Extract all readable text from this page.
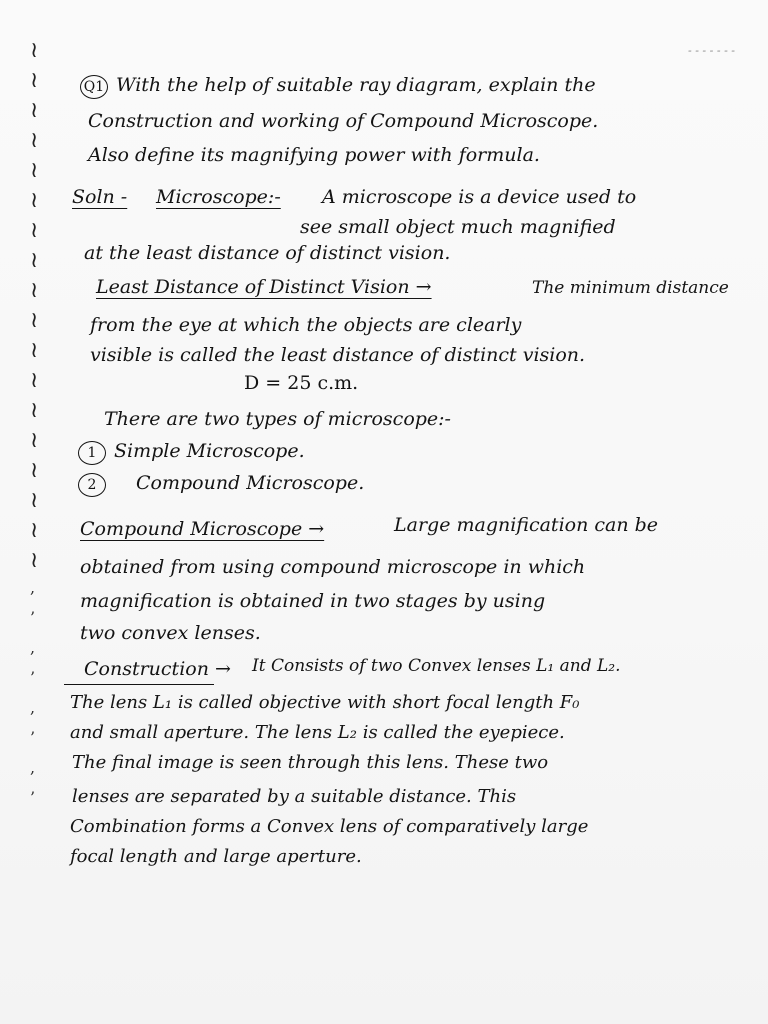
≀
≀
≀
≀
≀
≀
≀
≀
≀
≀
≀
≀
≀
≀
≀
≀
≀
≀
,
’
,
’
,
’
,
’
- - - - - - -
Q1 With the help of suitable ray diagram, explain the
Construction and working of Compound Microscope.
Also define its magnifying power with formula.
Soln - Microscope:- A microscope is a device used to
see small object much magnified
at the least distance of distinct vision.
Least Distance of Distinct Vision →	The minimum distance
from the eye at which the objects are clearly
visible is called the least distance of distinct vision.
D = 25 c.m.
There are two types of microscope:-
1 Simple Microscope.
2 Compound Microscope.
Compound Microscope →	Large magnification can be
obtained from using compound microscope in which
magnification is obtained in two stages by using
two convex lenses.
Construction → It Consists of two Convex lenses L₁ and L₂.
The lens L₁ is called objective with short focal length F₀
and small aperture. The lens L₂ is called the eyepiece.
The final image is seen through this lens. These two
lenses are separated by a suitable distance. This
Combination forms a Convex lens of comparatively large
focal length and large aperture.
